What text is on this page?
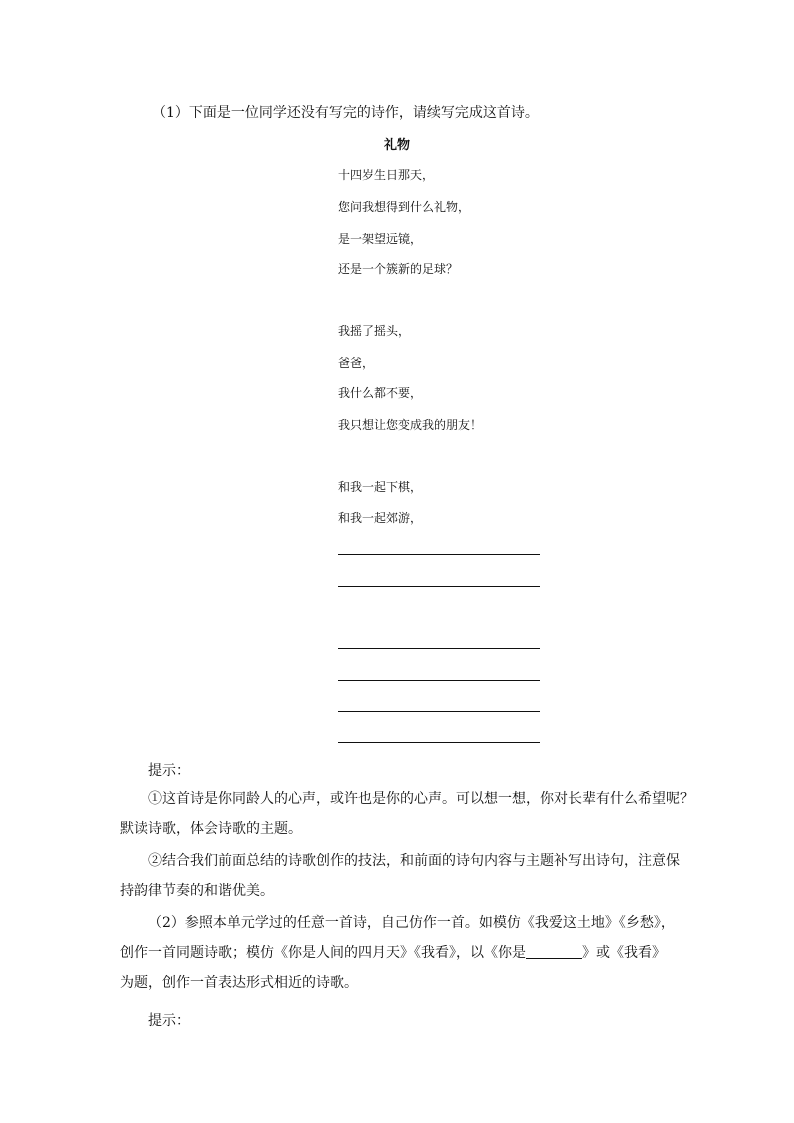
（1）下面是一位同学还没有写完的诗作，请续写完成这首诗。
礼物
十四岁生日那天，
您问我想得到什么礼物，
是一架望远镜，
还是一个簇新的足球？
我摇了摇头，
爸爸，
我什么都不要，
我只想让您变成我的朋友！
和我一起下棋，
和我一起郊游，
提示：
①这首诗是你同龄人的心声，或许也是你的心声。可以想一想，你对长辈有什么希望呢？
默读诗歌，体会诗歌的主题。
②结合我们前面总结的诗歌创作的技法，和前面的诗句内容与主题补写出诗句，注意保
持韵律节奏的和谐优美。
（2）参照本单元学过的任意一首诗，自己仿作一首。如模仿《我爱这土地》《乡愁》，
创作一首同题诗歌；模仿《你是人间的四月天》《我看》，以《你是	》或《我看》
为题，创作一首表达形式相近的诗歌。
提示：
